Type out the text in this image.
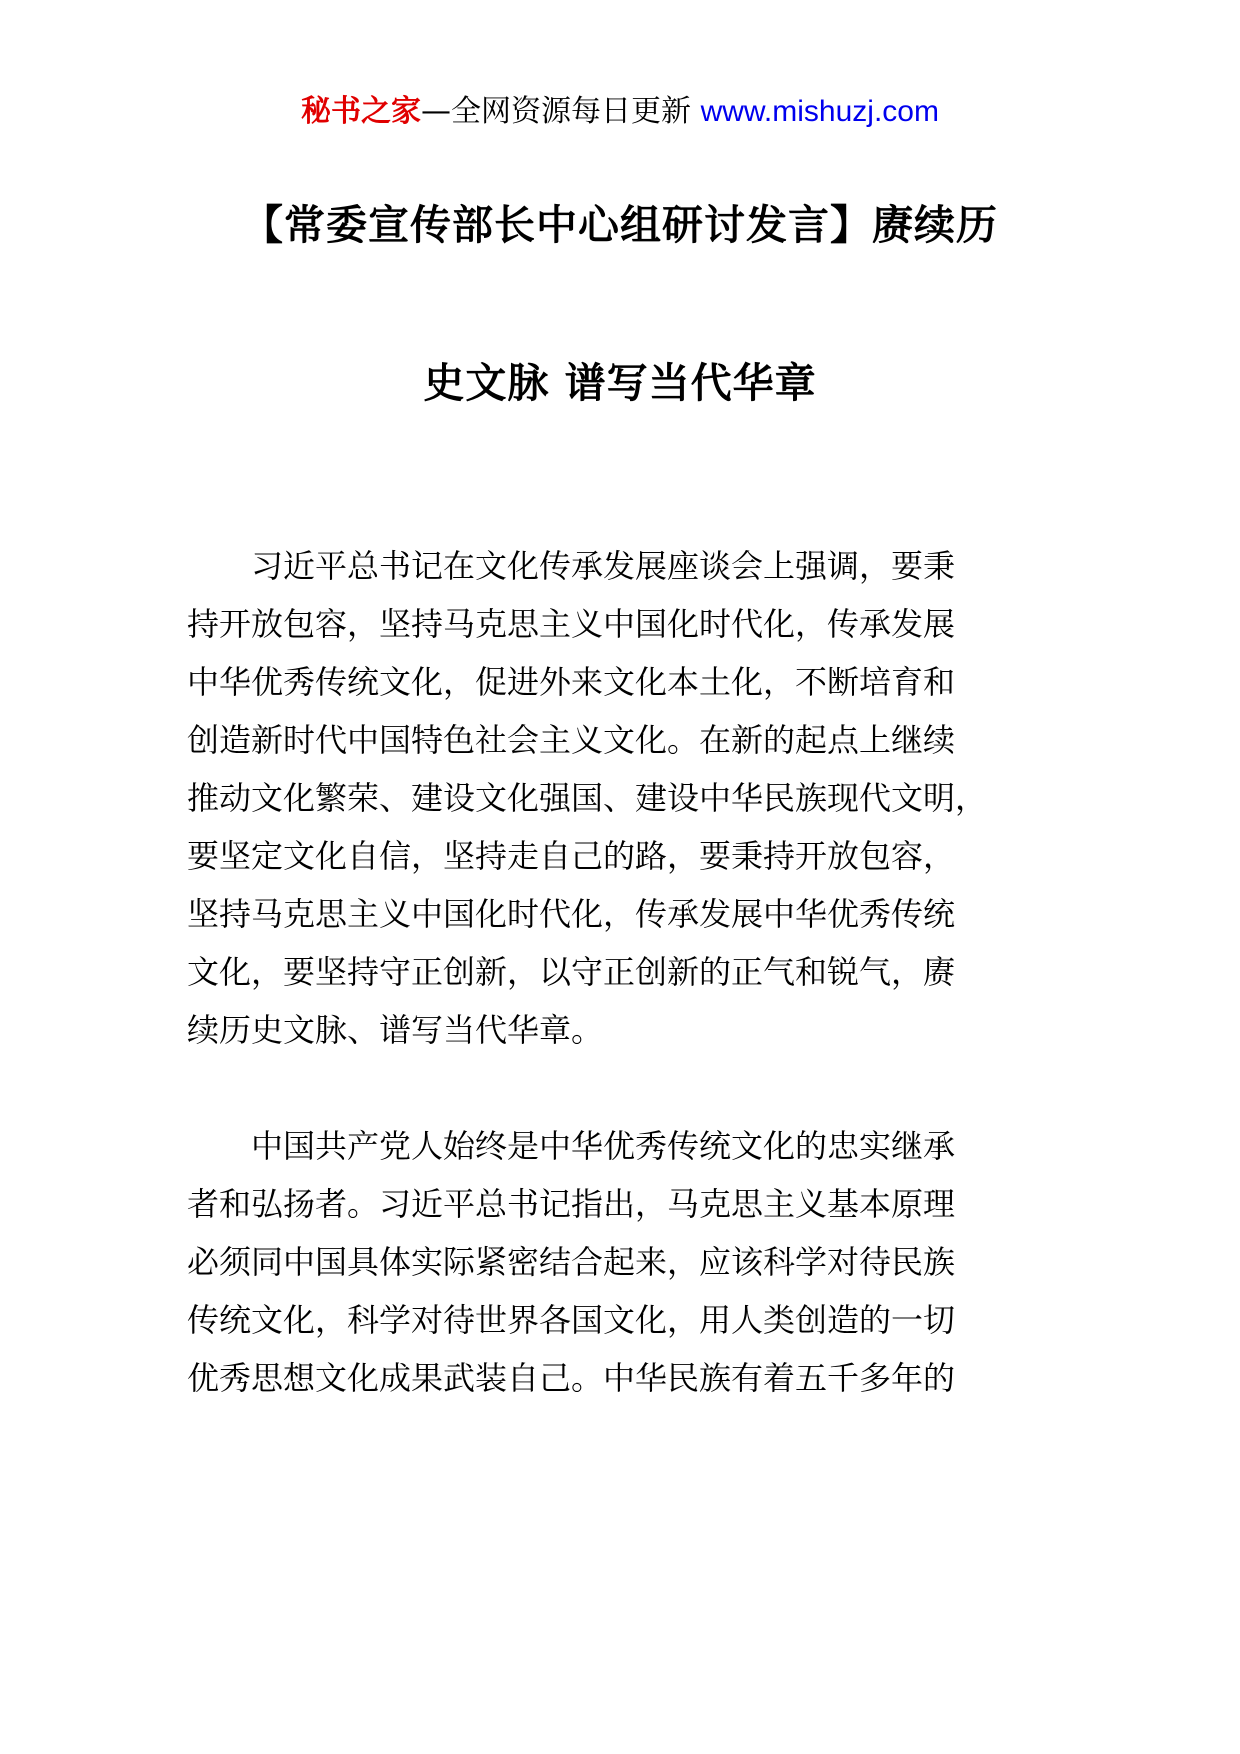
秘书之家—全网资源每日更新 www.mishuzj.com
【常委宣传部长中心组研讨发言】赓续历
史文脉 谱写当代华章
习近平总书记在文化传承发展座谈会上强调，要秉
持开放包容，坚持马克思主义中国化时代化，传承发展
中华优秀传统文化，促进外来文化本土化，不断培育和
创造新时代中国特色社会主义文化。在新的起点上继续
推动文化繁荣、建设文化强国、建设中华民族现代文明，
要坚定文化自信，坚持走自己的路，要秉持开放包容，
坚持马克思主义中国化时代化，传承发展中华优秀传统
文化，要坚持守正创新，以守正创新的正气和锐气，赓
续历史文脉、谱写当代华章。
中国共产党人始终是中华优秀传统文化的忠实继承
者和弘扬者。习近平总书记指出，马克思主义基本原理
必须同中国具体实际紧密结合起来，应该科学对待民族
传统文化，科学对待世界各国文化，用人类创造的一切
优秀思想文化成果武装自己。中华民族有着五千多年的
